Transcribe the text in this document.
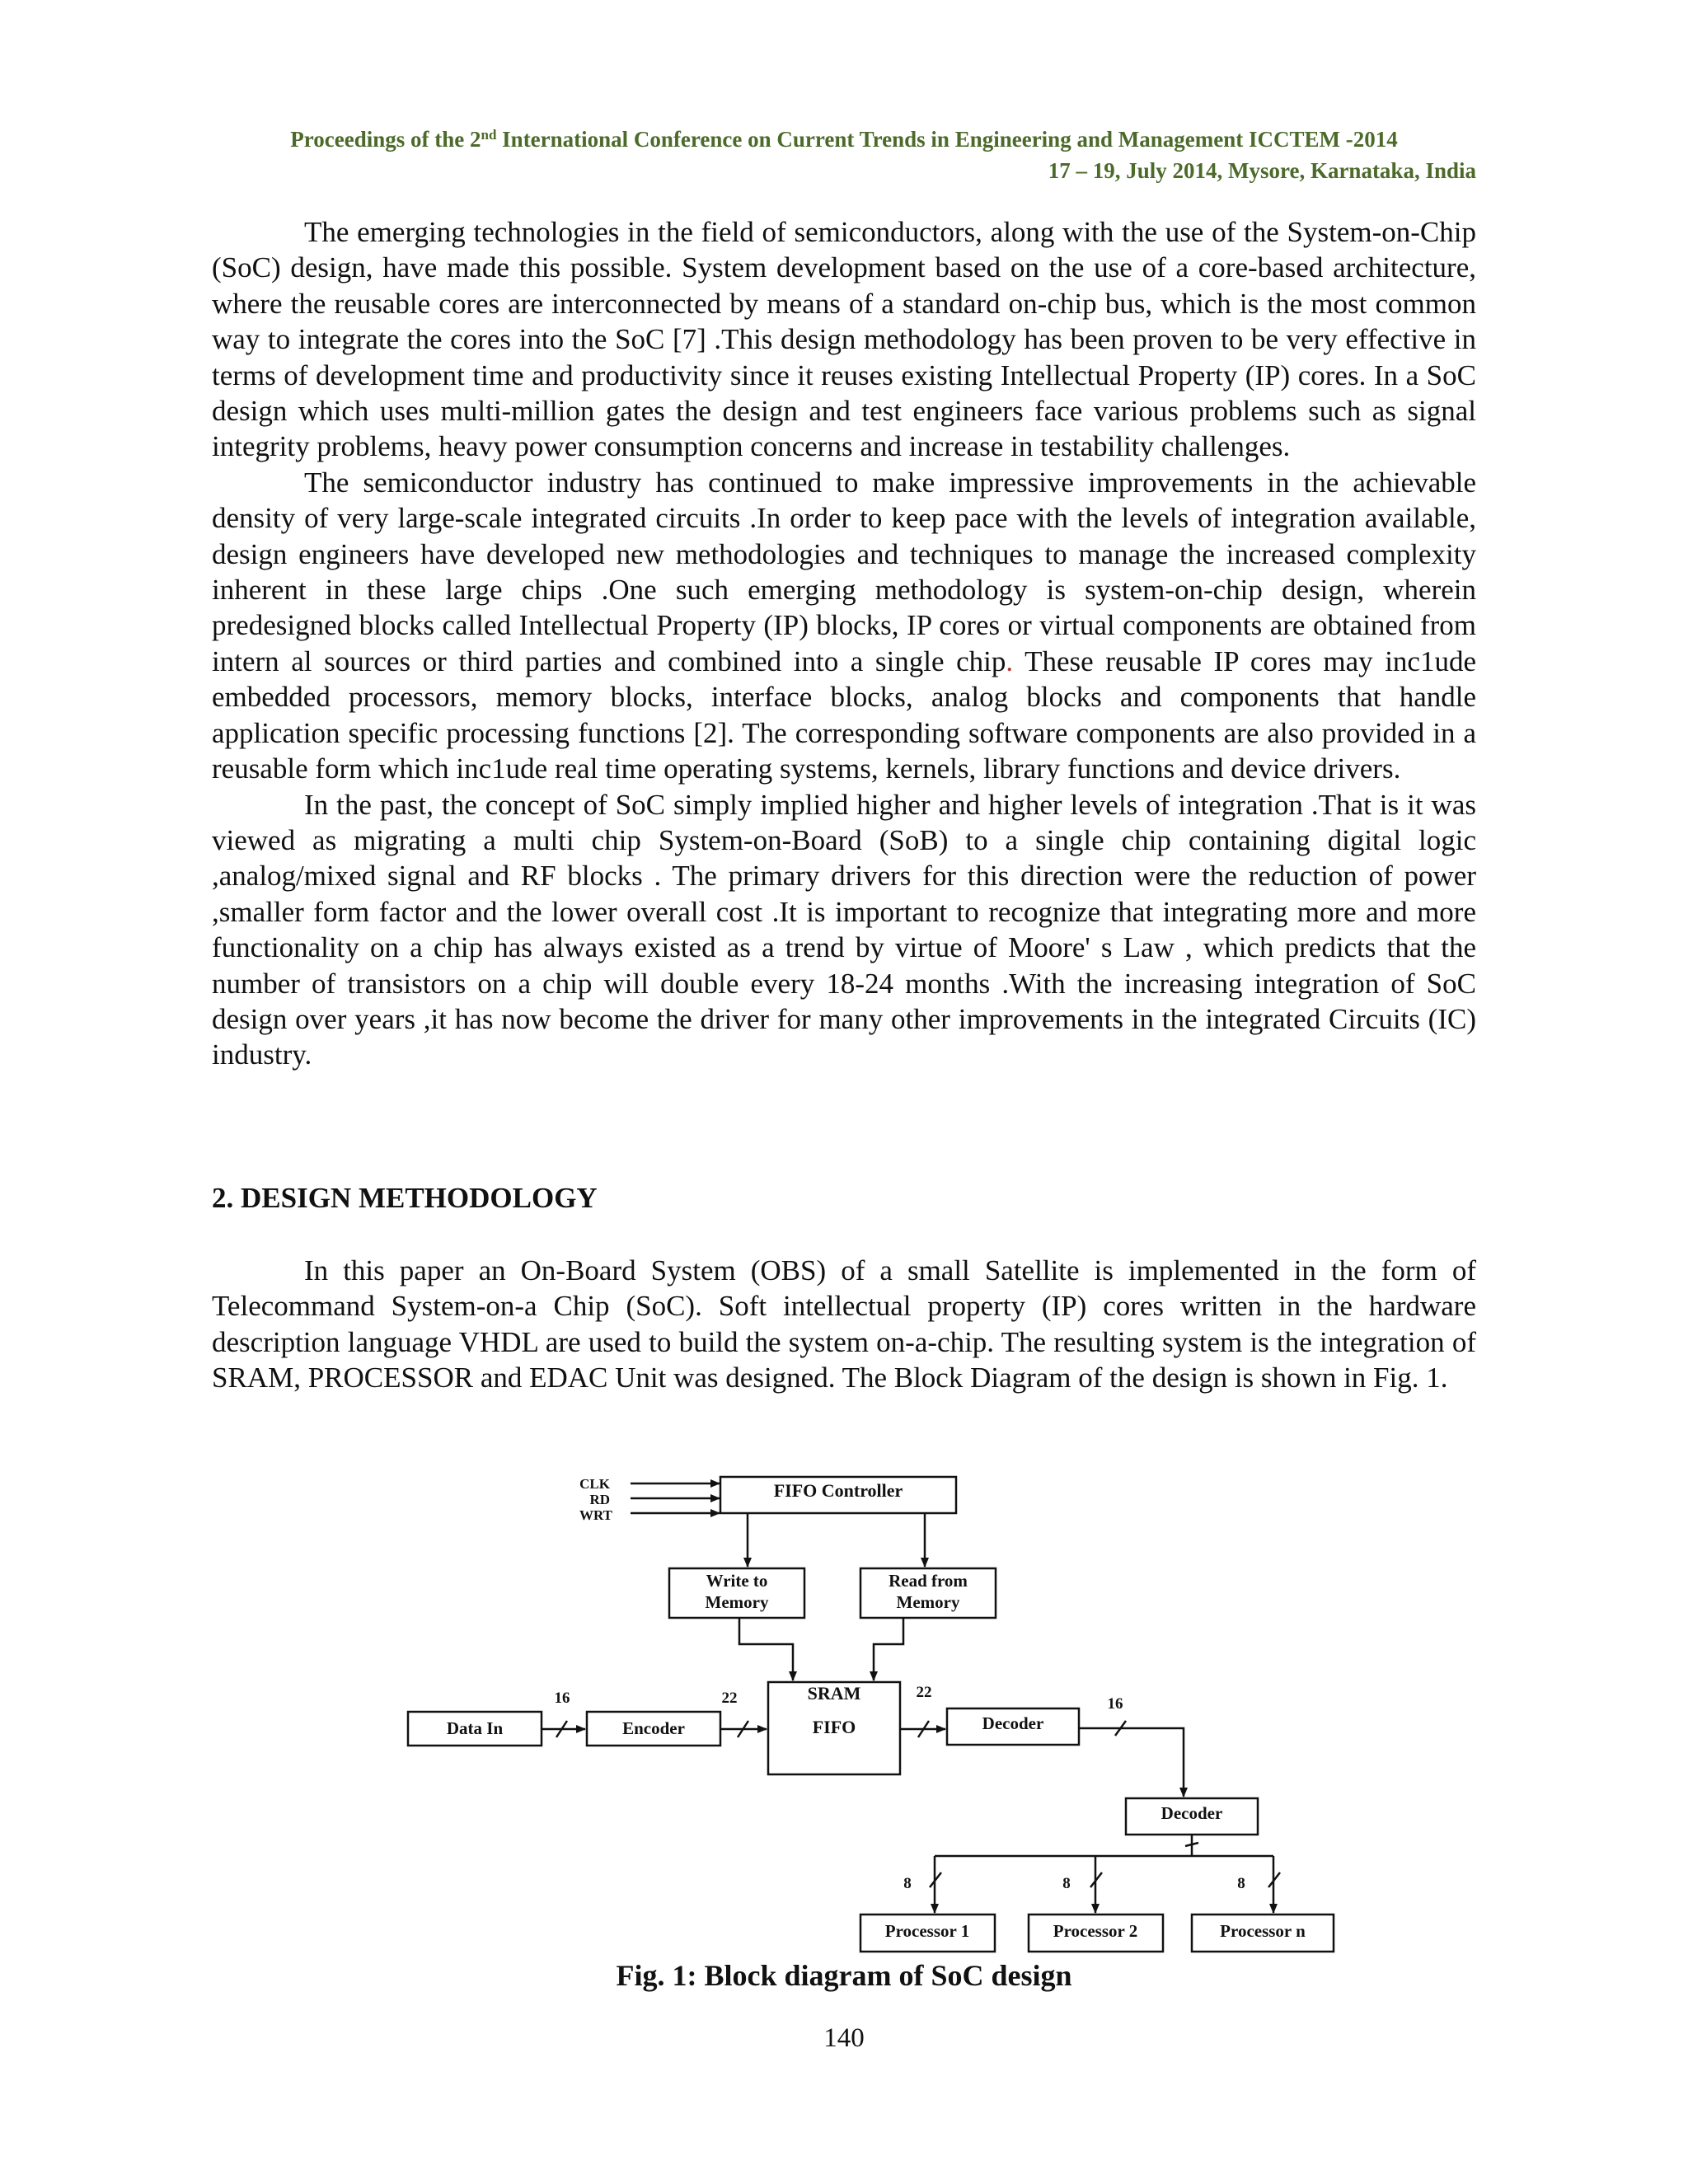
Proceedings of the 2nd International Conference on Current Trends in Engineering and Management ICCTEM -2014
17 – 19, July 2014, Mysore, Karnataka, India

The emerging technologies in the field of semiconductors, along with the use of the System-on-Chip (SoC) design, have made this possible. System development based on the use of a core-based architecture, where the reusable cores are interconnected by means of a standard on-chip bus, which is the most common way to integrate the cores into the SoC [7] .This design methodology has been proven to be very effective in terms of development time and productivity since it reuses existing Intellectual Property (IP) cores. In a SoC design which uses multi-million gates the design and test engineers face various problems such as signal integrity problems, heavy power consumption concerns and increase in testability challenges.

The semiconductor industry has continued to make impressive improvements in the achievable density of very large-scale integrated circuits .In order to keep pace with the levels of integration available, design engineers have developed new methodologies and techniques to manage the increased complexity inherent in these large chips .One such emerging methodology is system-on-chip design, wherein predesigned blocks called Intellectual Property (IP) blocks, IP cores or virtual components are obtained from intern al sources or third parties and combined into a single chip. These reusable IP cores may inc1ude embedded processors, memory blocks, interface blocks, analog blocks and components that handle application specific processing functions [2]. The corresponding software components are also provided in a reusable form which inc1ude real time operating systems, kernels, library functions and device drivers.

In the past, the concept of SoC simply implied higher and higher levels of integration .That is it was viewed as migrating a multi chip System-on-Board (SoB) to a single chip containing digital logic ,analog/mixed signal and RF blocks . The primary drivers for this direction were the reduction of power ,smaller form factor and the lower overall cost .It is important to recognize that integrating more and more functionality on a chip has always existed as a trend by virtue of Moore' s Law , which predicts that the number of transistors on a chip will double every 18-24 months .With the increasing integration of SoC design over years ,it has now become the driver for many other improvements in the integrated Circuits (IC) industry.

2. DESIGN METHODOLOGY

In this paper an On-Board System (OBS) of a small Satellite is implemented in the form of Telecommand System-on-a Chip (SoC). Soft intellectual property (IP) cores written in the hardware description language VHDL are used to build the system on-a-chip. The resulting system is the integration of SRAM, PROCESSOR and EDAC Unit was designed. The Block Diagram of the design is shown in Fig. 1.

CLK
RD
WRT
FIFO Controller
Write to
Memory
Read from
Memory
Data In	Encoder
SRAM
FIFO	Decoder
Decoder
Processor 1	Processor 2	Processor n
16	22	22
16
8	8	8
Fig. 1: Block diagram of SoC design
140
